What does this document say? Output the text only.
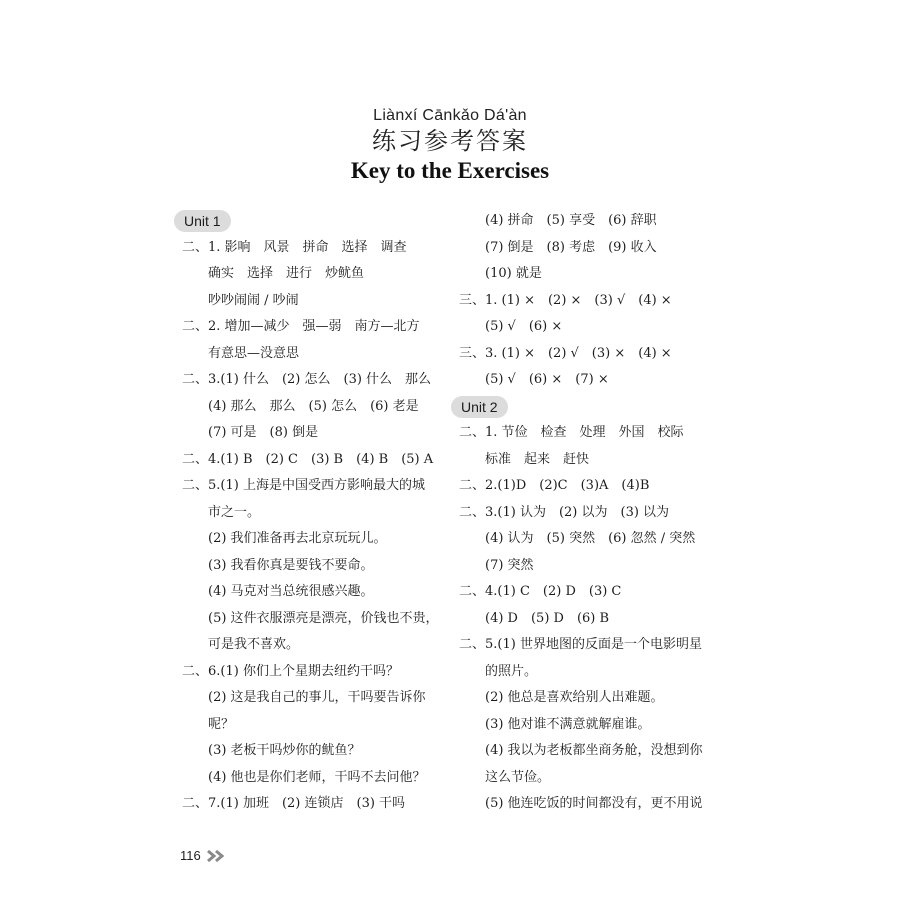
Liànxí Cānkǎo Dá'àn
练习参考答案
Key to the Exercises
Unit 1
二、1. 影响　风景　拼命　选择　调查
确实　选择　进行　炒鱿鱼
吵吵闹闹 / 吵闹
二、2. 增加—减少　强—弱　南方—北方
有意思—没意思
二、3.(1) 什么　(2) 怎么　(3) 什么　那么
(4) 那么　那么　(5) 怎么　(6) 老是
(7) 可是　(8) 倒是
二、4.(1) B　(2) C　(3) B　(4) B　(5) A
二、5.(1) 上海是中国受西方影响最大的城
市之一。
(2) 我们准备再去北京玩玩儿。
(3) 我看你真是要钱不要命。
(4) 马克对当总统很感兴趣。
(5) 这件衣服漂亮是漂亮，价钱也不贵，
可是我不喜欢。
二、6.(1) 你们上个星期去纽约干吗？
(2) 这是我自己的事儿，干吗要告诉你
呢？
(3) 老板干吗炒你的鱿鱼？
(4) 他也是你们老师，干吗不去问他？
二、7.(1) 加班　(2) 连锁店　(3) 干吗
(4) 拼命　(5) 享受　(6) 辞职
(7) 倒是　(8) 考虑　(9) 收入
(10) 就是
三、1. (1) ×　(2) ×　(3) √　(4) ×
(5) √　(6) ×
三、3. (1) ×　(2) √　(3) ×　(4) ×
(5) √　(6) ×　(7) ×
Unit 2
二、1. 节俭　检查　处理　外国　校际
标准　起来　赶快
二、2.(1)D　(2)C　(3)A　(4)B
二、3.(1) 认为　(2) 以为　(3) 以为
(4) 认为　(5) 突然　(6) 忽然 / 突然
(7) 突然
二、4.(1) C　(2) D　(3) C
(4) D　(5) D　(6) B
二、5.(1) 世界地图的反面是一个电影明星
的照片。
(2) 他总是喜欢给别人出难题。
(3) 他对谁不满意就解雇谁。
(4) 我以为老板都坐商务舱，没想到你
这么节俭。
(5) 他连吃饭的时间都没有，更不用说
116
